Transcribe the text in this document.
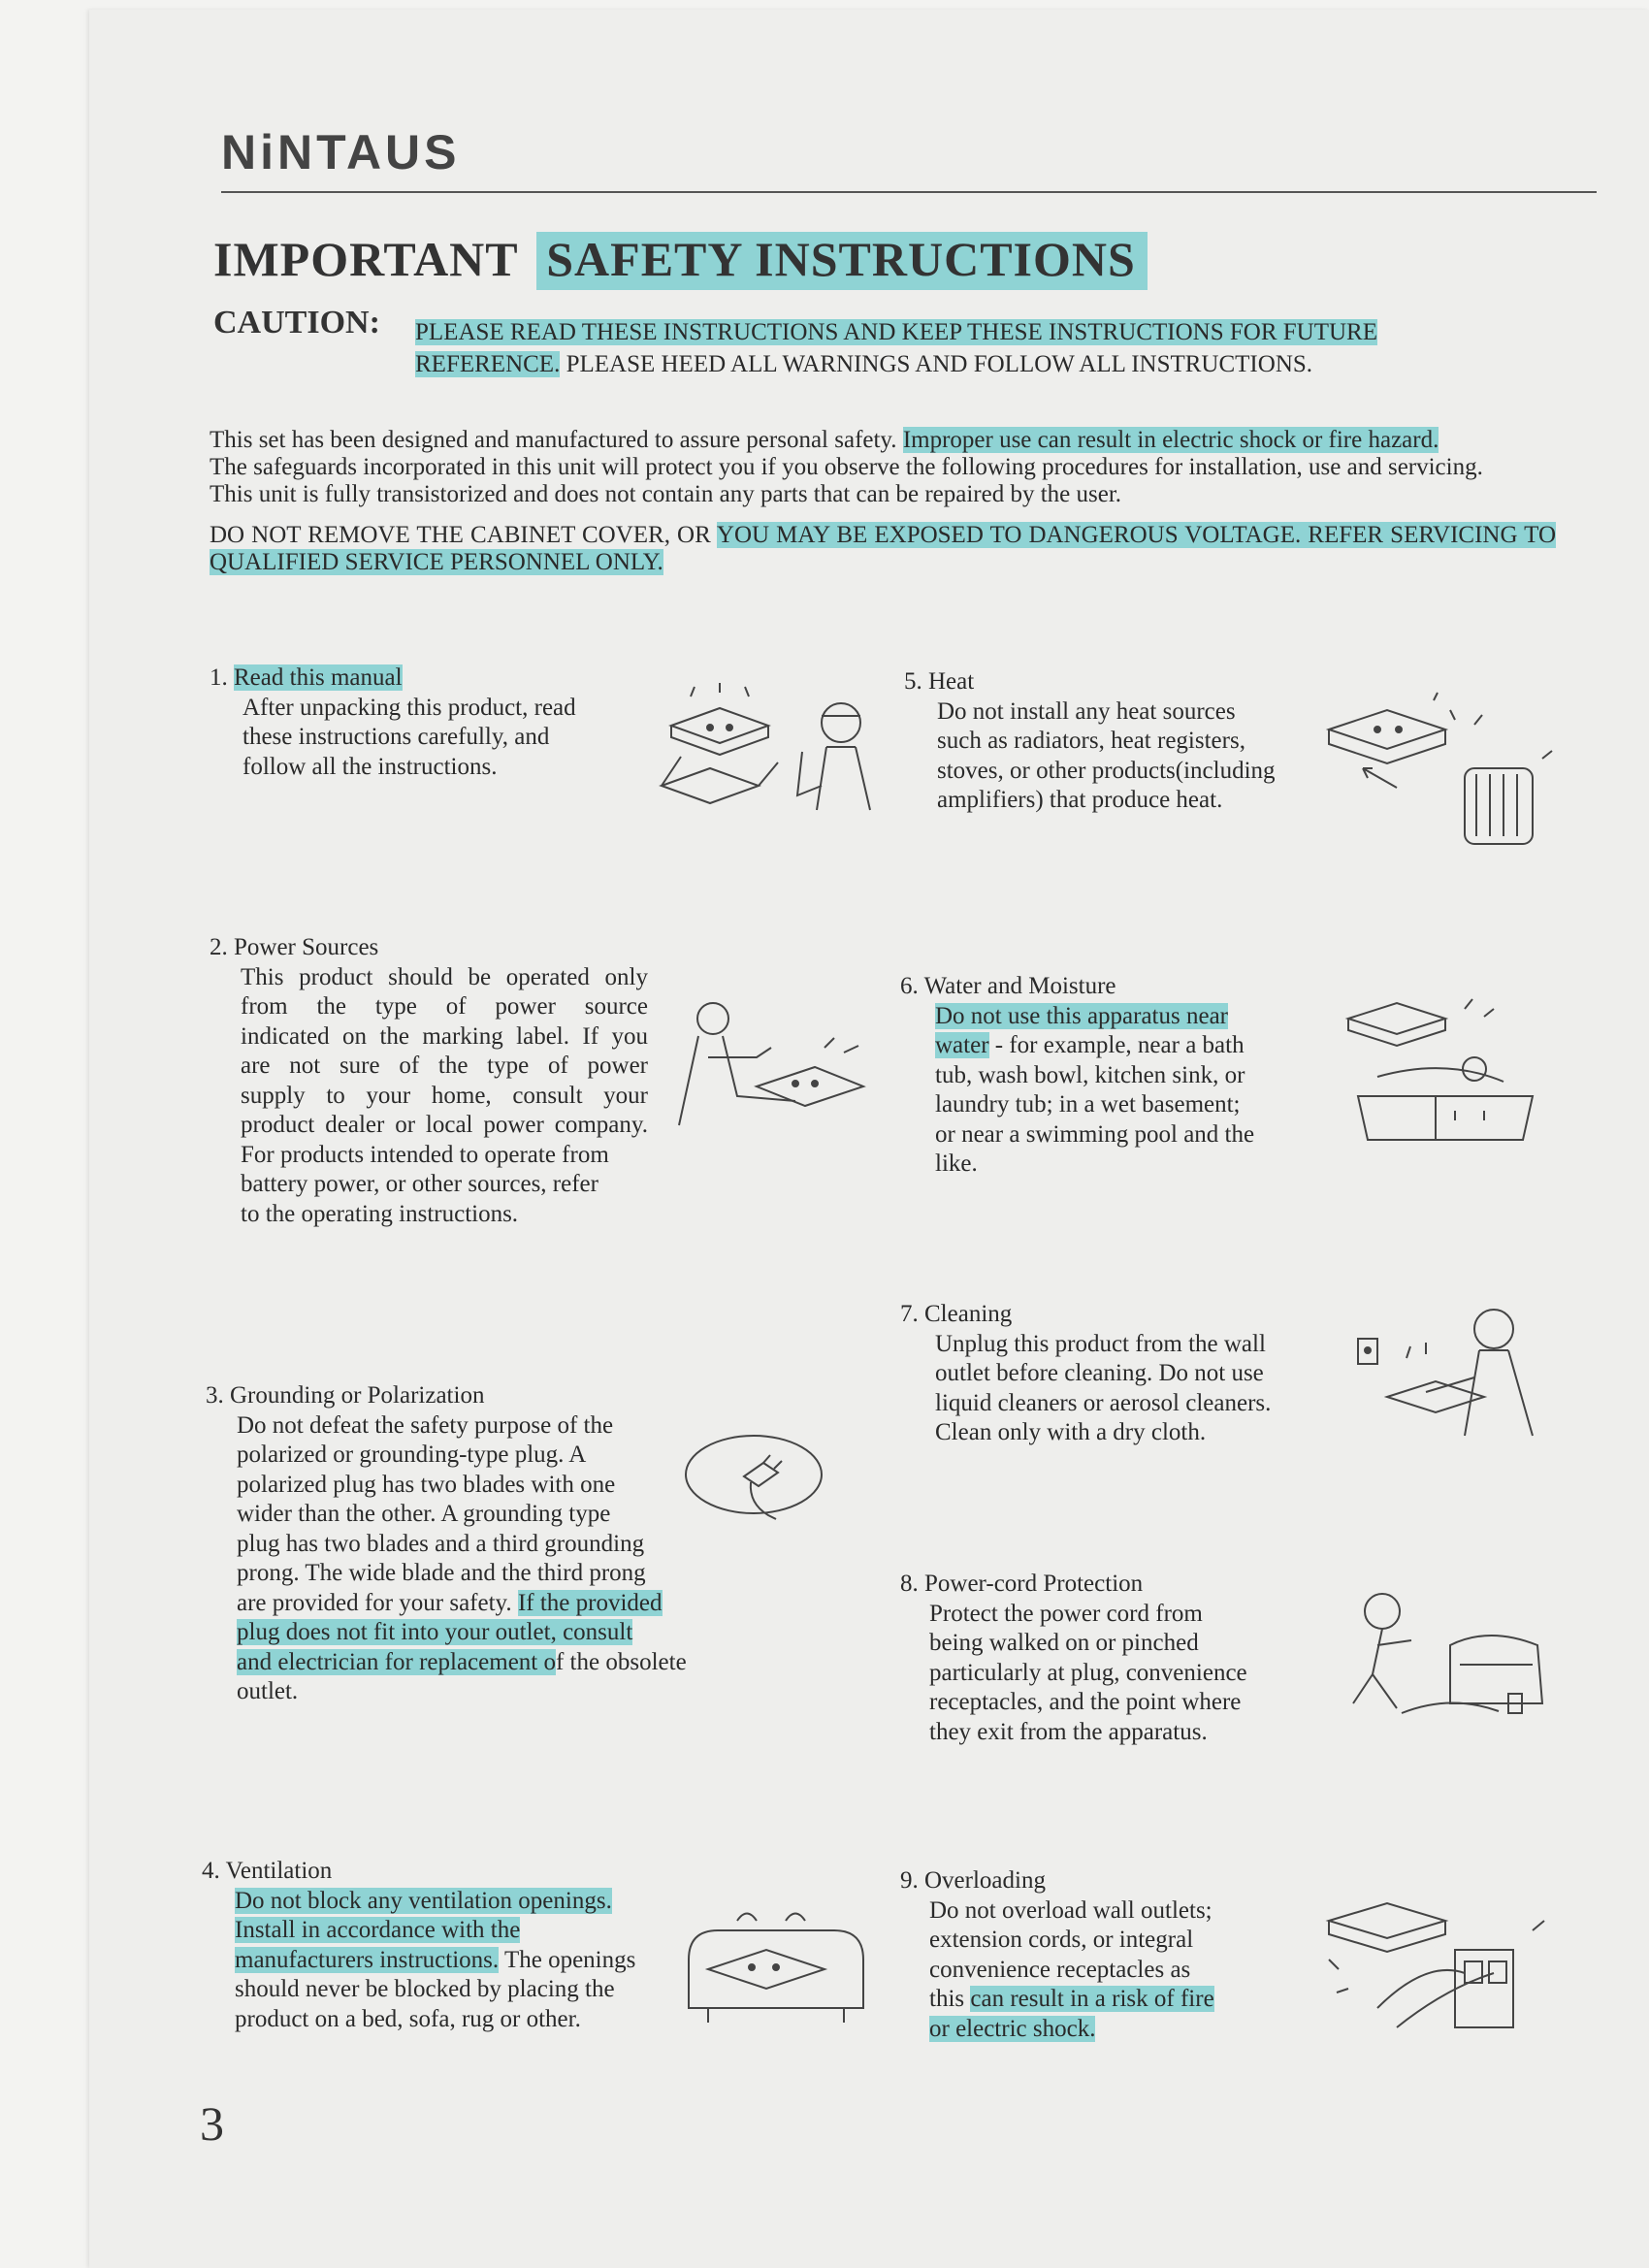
NiNTAUS
IMPORTANT SAFETY INSTRUCTIONS
CAUTION: PLEASE READ THESE INSTRUCTIONS AND KEEP THESE INSTRUCTIONS FOR FUTURE REFERENCE. PLEASE HEED ALL WARNINGS AND FOLLOW ALL INSTRUCTIONS.

This set has been designed and manufactured to assure personal safety. Improper use can result in electric shock or fire hazard.

The safeguards incorporated in this unit will protect you if you observe the following procedures for installation, use and servicing.

This unit is fully transistorized and does not contain any parts that can be repaired by the user.

DO NOT REMOVE THE CABINET COVER, OR YOU MAY BE EXPOSED TO DANGEROUS VOLTAGE. REFER SERVICING TO QUALIFIED SERVICE PERSONNEL ONLY.
1. Read this manual
After unpacking this product, read
these instructions carefully, and
follow all the instructions.
2. Power Sources
This product should be operated only
from the type of power source
indicated on the marking label. If you
are not sure of the type of power
supply to your home, consult your
product dealer or local power company.
For products intended to operate from
battery power, or other sources, refer
to the operating instructions.
3. Grounding or Polarization
Do not defeat the safety purpose of the
polarized or grounding-type plug. A
polarized plug has two blades with one
wider than the other. A grounding type
plug has two blades and a third grounding
prong. The wide blade and the third prong
are provided for your safety. If the provided
plug does not fit into your outlet, consult
and electrician for replacement of the obsolete
outlet.
4. Ventilation
Do not block any ventilation openings.
Install in accordance with the
manufacturers instructions. The openings
should never be blocked by placing the
product on a bed, sofa, rug or other.
5. Heat
Do not install any heat sources
such as radiators, heat registers,
stoves, or other products(including
amplifiers) that produce heat.
6. Water and Moisture
Do not use this apparatus near
water - for example, near a bath
tub, wash bowl, kitchen sink, or
laundry tub; in a wet basement;
or near a swimming pool and the
like.
7. Cleaning
Unplug this product from the wall
outlet before cleaning. Do not use
liquid cleaners or aerosol cleaners.
Clean only with a dry cloth.
8. Power-cord Protection
Protect the power cord from
being walked on or pinched
particularly at plug, convenience
receptacles, and the point where
they exit from the apparatus.
9. Overloading
Do not overload wall outlets;
extension cords, or integral
convenience receptacles as
this can result in a risk of fire
or electric shock.
3
